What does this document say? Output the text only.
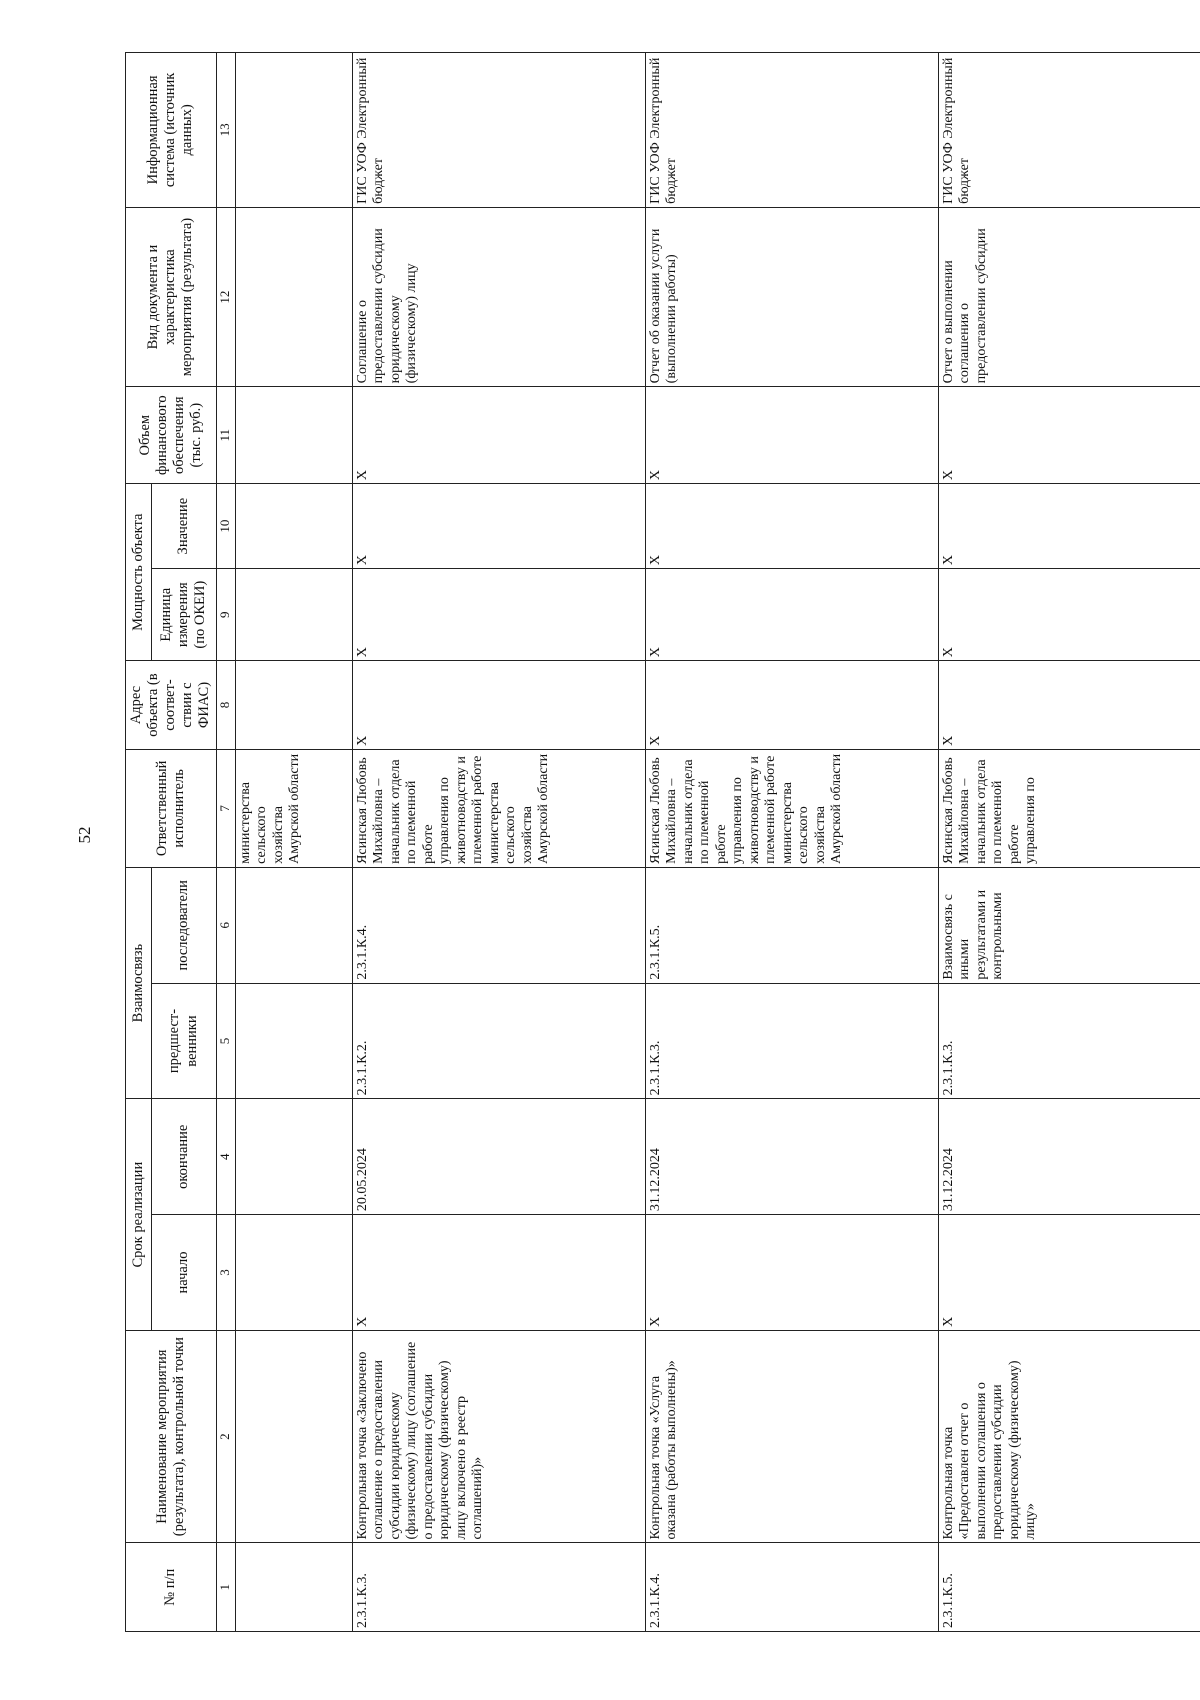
52
№ п/п	Наименование мероприятия (результата), контрольной точки	Срок реализации		Взаимосвязь		Ответственный исполнитель	Адрес объекта (в соответ-ствии с ФИАС)	Мощность объекта		Объем финансового обеспечения (тыс. руб.)	Вид документа и характеристика мероприятия (результата)	Информационная система (источник данных)
		начало	окончание	предшест-венники	последователи			Единица измерения (по ОКЕИ)	Значение			
1	2	3	4	5	6	7	8	9	10	11	12	13
						министерства сельского хозяйства Амурской области						
2.3.1.К.3.	Контрольная точка «Заключено соглашение о предоставлении субсидии юридическому (физическому) лицу (соглашение о предоставлении субсидии юридическому (физическому) лицу включено в реестр соглашений)»	X	20.05.2024	2.3.1.К.2.	2.3.1.К.4.	Ясинская Любовь Михайловна – начальник отдела по племенной работе управления по животноводству и племенной работе министерства сельского хозяйства Амурской области	X	X	X	X	Соглашение о предоставлении субсидии юридическому (физическому) лицу	ГИС УОФ Электронный бюджет
2.3.1.К.4.	Контрольная точка «Услуга оказана (работы выполнены)»	X	31.12.2024	2.3.1.К.3.	2.3.1.К.5.	Ясинская Любовь Михайловна – начальник отдела по племенной работе управления по животноводству и племенной работе министерства сельского хозяйства Амурской области	X	X	X	X	Отчет об оказании услуги (выполнении работы)	ГИС УОФ Электронный бюджет
2.3.1.К.5.	Контрольная точка «Предоставлен отчет о выполнении соглашения о предоставлении субсидии юридическому (физическому) лицу»	X	31.12.2024	2.3.1.К.3.	Взаимосвязь с иными результатами и контрольными	Ясинская Любовь Михайловна – начальник отдела по племенной работе управления по	X	X	X	X	Отчет о выполнении соглашения о предоставлении субсидии	ГИС УОФ Электронный бюджет
